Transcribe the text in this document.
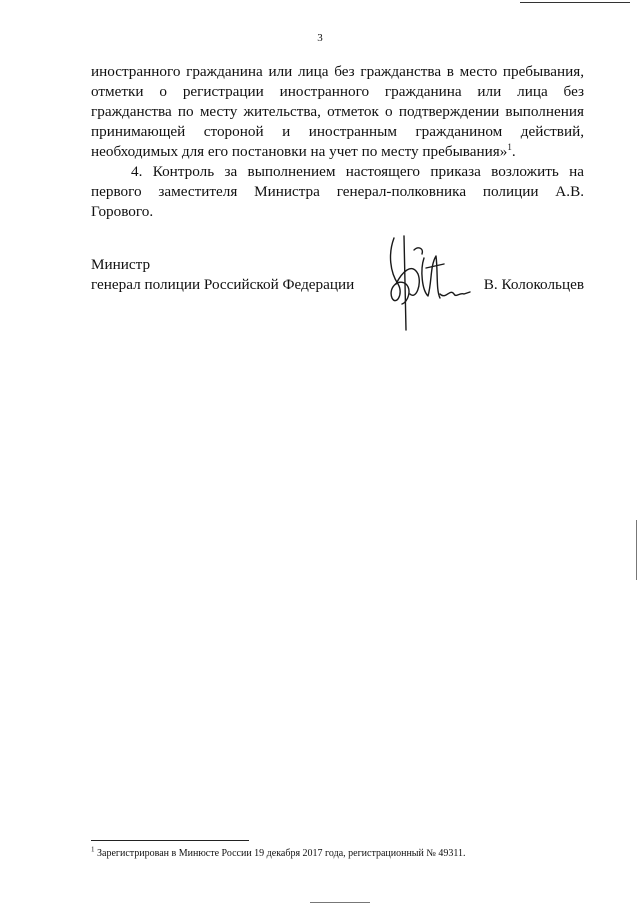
3

иностранного гражданина или лица без гражданства в место пребывания, отметки о регистрации иностранного гражданина или лица без гражданства по месту жительства, отметок о подтверждении выполнения принимающей стороной и иностранным гражданином действий, необходимых для его постановки на учет по месту пребывания»$^1$.

4. Контроль за выполнением настоящего приказа возложить на первого заместителя Министра генерал-полковника полиции А.В. Горового.

Министр
генерал полиции Российской Федерации	В. Колокольцев
$^1$ Зарегистрирован в Минюсте России 19 декабря 2017 года, регистрационный № 49311.
